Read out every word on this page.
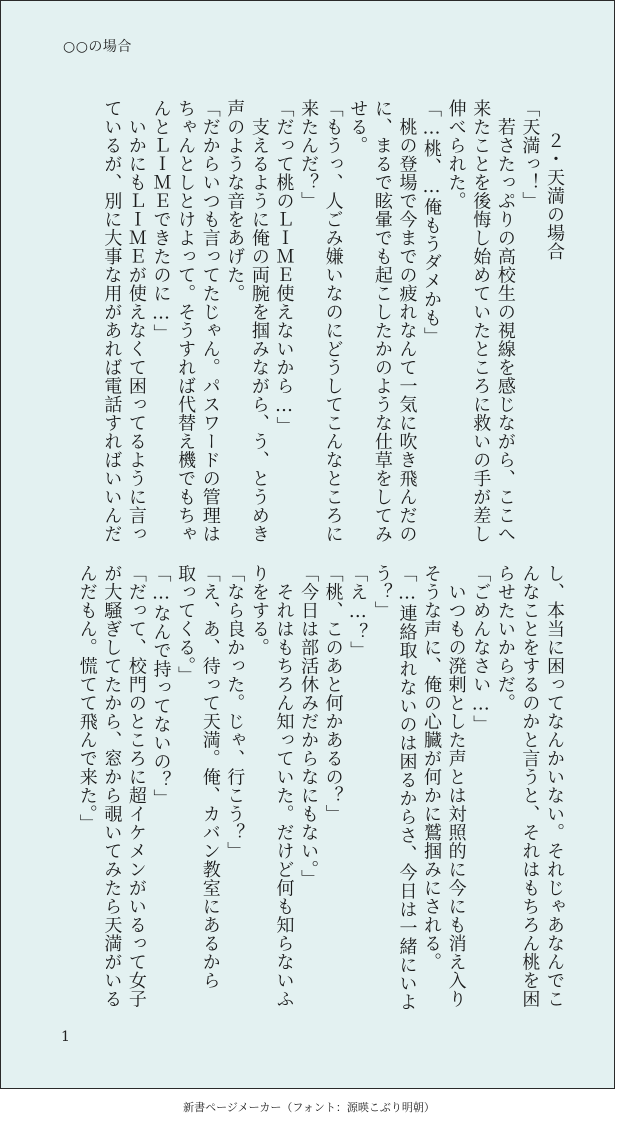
○○の場合

２・天満の場合

「天満っ！」

　若さたっぷりの高校生の視線を感じながら、ここへ

来たことを後悔し始めていたところに救いの手が差し

伸べられた。

「…桃、…俺もうダメかも」

　桃の登場で今までの疲れなんて一気に吹き飛んだの

に、まるで眩暈でも起こしたかのような仕草をしてみ

せる。

「もうっ、人ごみ嫌いなのにどうしてこんなところに

来たんだ？」

「だって桃のＬＩＭＥ使えないから…」

　支えるように俺の両腕を掴みながら、う、とうめき

声のような音をあげた。

「だからいつも言ってたじゃん。パスワードの管理は

ちゃんとしとけよって。そうすれば代替え機でもちゃ

んとＬＩＭＥできたのに…」

　いかにもＬＩＭＥが使えなくて困ってるように言っ

ているが、別に大事な用があれば電話すればいいんだ

し、本当に困ってなんかいない。それじゃあなんでこ

んなことをするのかと言うと、それはもちろん桃を困

らせたいからだ。

「ごめんなさい…」

　いつもの溌剌とした声とは対照的に今にも消え入り

そうな声に、俺の心臓が何かに鷲掴みにされる。

「…連絡取れないのは困るからさ、今日は一緒にいよ

う？」

「え…？」

「桃、このあと何かあるの？」

「今日は部活休みだからなにもない。」

　それはもちろん知っていた。だけど何も知らないふ

りをする。

「なら良かった。じゃ、行こう？」

「え、あ、待って天満。俺、カバン教室にあるから

取ってくる。」

「…なんで持ってないの？」

「だって、校門のところに超イケメンがいるって女子

が大騒ぎしてたから、窓から覗いてみたら天満がいる

んだもん。慌てて飛んで来た。」

1
新書ページメーカー（フォント：源暎こぶり明朝）
